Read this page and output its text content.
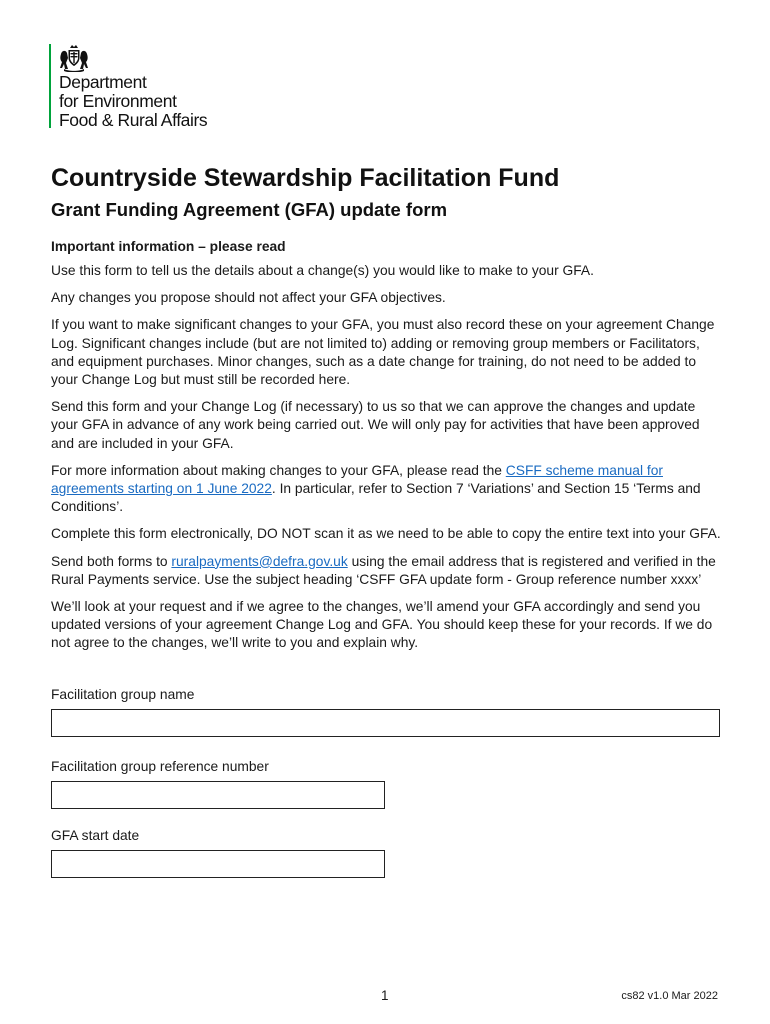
Department
for Environment
Food & Rural Affairs
Countryside Stewardship Facilitation Fund
Grant Funding Agreement (GFA) update form

Important information – please read

Use this form to tell us the details about a change(s) you would like to make to your GFA.

Any changes you propose should not affect your GFA objectives.

If you want to make significant changes to your GFA, you must also record these on your agreement Change Log. Significant changes include (but are not limited to) adding or removing group members or Facilitators, and equipment purchases. Minor changes, such as a date change for training, do not need to be added to your Change Log but must still be recorded here.

Send this form and your Change Log (if necessary) to us so that we can approve the changes and update your GFA in advance of any work being carried out. We will only pay for activities that have been approved and are included in your GFA.

For more information about making changes to your GFA, please read the CSFF scheme manual for agreements starting on 1 June 2022. In particular, refer to Section 7 ‘Variations’ and Section 15 ‘Terms and Conditions’.

Complete this form electronically, DO NOT scan it as we need to be able to copy the entire text into your GFA.

Send both forms to ruralpayments@defra.gov.uk using the email address that is registered and verified in the Rural Payments service. Use the subject heading ‘CSFF GFA update form - Group reference number xxxx’

We’ll look at your request and if we agree to the changes, we’ll amend your GFA accordingly and send you updated versions of your agreement Change Log and GFA. You should keep these for your records. If we do not agree to the changes, we’ll write to you and explain why.

Facilitation group name
Facilitation group reference number
GFA start date
1	cs82 v1.0 Mar 2022
